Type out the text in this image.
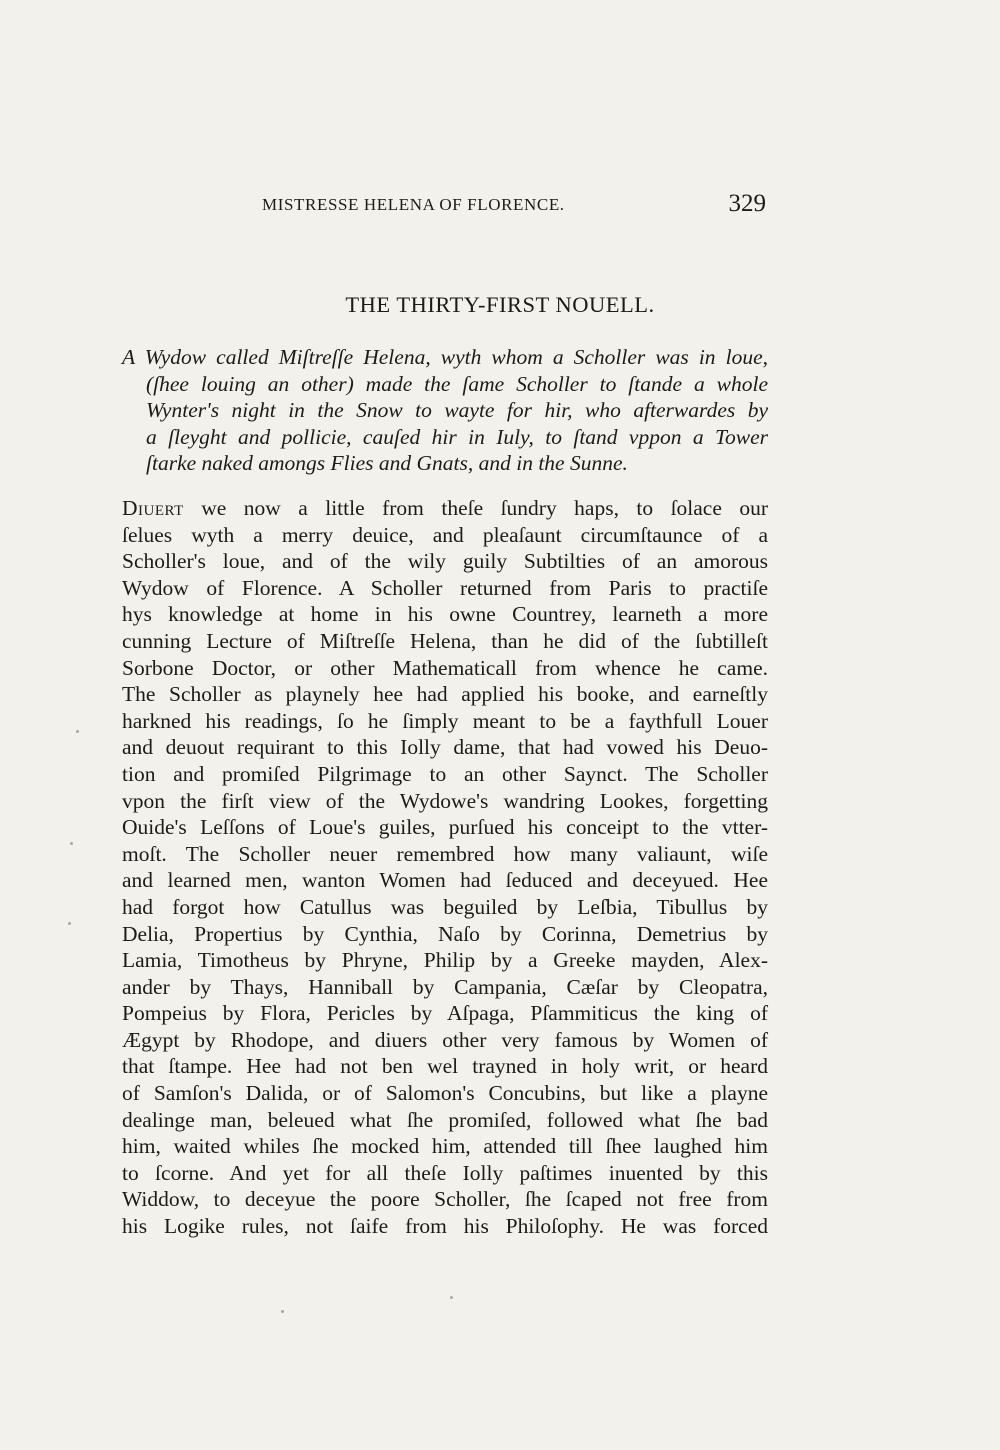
MISTRESSE HELENA OF FLORENCE.	329
THE THIRTY-FIRST NOUELL.
A Wydow called Miſtreſſe Helena, wyth whom a Scholler was in loue,
(ſhee louing an other) made the ſame Scholler to ſtande a whole
Wynter's night in the Snow to wayte for hir, who afterwardes by
a ſleyght and pollicie, cauſed hir in Iuly, to ſtand vppon a Tower
ſtarke naked amongs Flies and Gnats, and in the Sunne.
Diuert we now a little from theſe ſundry haps, to ſolace our
ſelues wyth a merry deuice, and pleaſaunt circumſtaunce of a
Scholler's loue, and of the wily guily Subtilties of an amorous
Wydow of Florence. A Scholler returned from Paris to practiſe
hys knowledge at home in his owne Countrey, learneth a more
cunning Lecture of Miſtreſſe Helena, than he did of the ſubtilleſt
Sorbone Doctor, or other Mathematicall from whence he came.
The Scholler as playnely hee had applied his booke, and earneſtly
harkned his readings, ſo he ſimply meant to be a faythfull Louer
and deuout requirant to this Iolly dame, that had vowed his Deuo-
tion and promiſed Pilgrimage to an other Saynct. The Scholler
vpon the firſt view of the Wydowe's wandring Lookes, forgetting
Ouide's Leſſons of Loue's guiles, purſued his conceipt to the vtter-
moſt. The Scholler neuer remembred how many valiaunt, wiſe
and learned men, wanton Women had ſeduced and deceyued. Hee
had forgot how Catullus was beguiled by Leſbia, Tibullus by
Delia, Propertius by Cynthia, Naſo by Corinna, Demetrius by
Lamia, Timotheus by Phryne, Philip by a Greeke mayden, Alex-
ander by Thays, Hanniball by Campania, Cæſar by Cleopatra,
Pompeius by Flora, Pericles by Aſpaga, Pſammiticus the king of
Ægypt by Rhodope, and diuers other very famous by Women of
that ſtampe. Hee had not ben wel trayned in holy writ, or heard
of Samſon's Dalida, or of Salomon's Concubins, but like a playne
dealinge man, beleued what ſhe promiſed, followed what ſhe bad
him, waited whiles ſhe mocked him, attended till ſhee laughed him
to ſcorne. And yet for all theſe Iolly paſtimes inuented by this
Widdow, to deceyue the poore Scholler, ſhe ſcaped not free from
his Logike rules, not ſaife from his Philoſophy. He was forced
